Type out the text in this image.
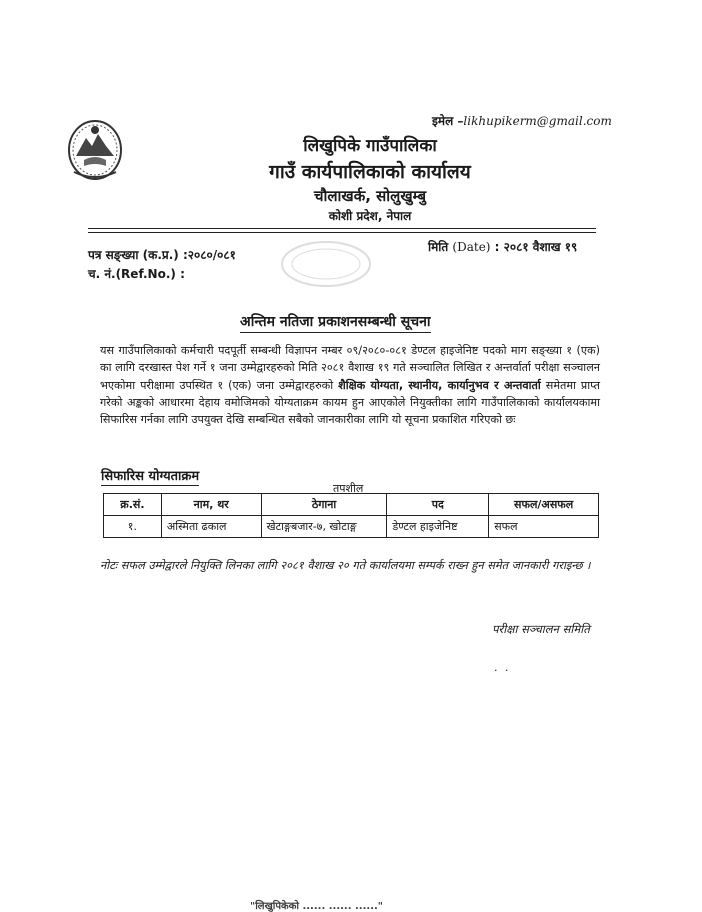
इमेल –likhupikerm@gmail.com
लिखुपिके गाउँपालिका
गाउँ कार्यपालिकाको कार्यालय
चौलाखर्क, सोलुखुम्बु
कोशी प्रदेश, नेपाल
पत्र सङ्ख्या (क.प्र.) :२०८०/०८१
च. नं.(Ref.No.) :
मिति (Date) : २०८१ वैशाख १९
अन्तिम नतिजा प्रकाशनसम्बन्धी सूचना
यस गाउँपालिकाको कर्मचारी पदपूर्ती सम्बन्धी विज्ञापन नम्बर ०९/२०८०-०८१ डेण्टल हाइजेनिष्ट पदको माग सङ्ख्या १ (एक) का लागि दरखास्त पेश गर्ने १ जना उम्मेद्वारहरुको मिति २०८१ वैशाख १९ गते सञ्चालित लिखित र अन्तर्वार्ता परीक्षा सञ्चालन भएकोमा परीक्षामा उपस्थित १ (एक) जना उम्मेद्वारहरुको शैक्षिक योग्यता, स्थानीय, कार्यानुभव र अन्तवार्ता समेतमा प्राप्त गरेको अङ्कको आधारमा देहाय वमोजिमको योग्यताक्रम कायम हुन आएकोले नियुक्तीका लागि गाउँपालिकाको कार्यालयकामा सिफारिस गर्नका लागि उपयुक्त देखि सम्बन्धित सबैको जानकारीका लागि यो सूचना प्रकाशित गरिएको छः
सिफारिस योग्यताक्रम
तपशील
क्र.सं.	नाम, थर	ठेगाना	पद	सफल/असफल
१.	अस्मिता ढकाल	खेटाङ्गबजार-७, खोटाङ्ग	डेण्टल हाइजेनिष्ट	सफल
नोटः सफल उम्मेद्वारले नियुक्ति लिनका लागि २०८१ वैशाख २० गते कार्यालयमा सम्पर्क राख्न हुन समेत जानकारी गराइन्छ ।
परीक्षा सञ्चालन समिति
· ·
"लिखुपिकेको ...... ...... ......"
